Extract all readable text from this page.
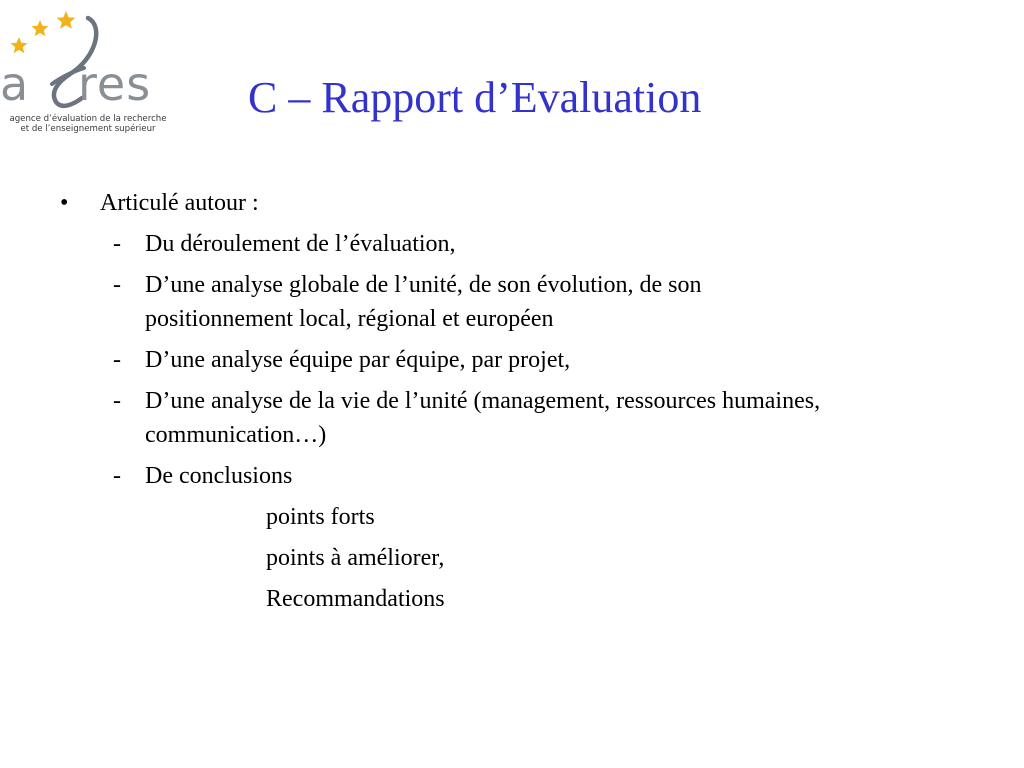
a res
agence d’évaluation de la recherche
et de l’enseignement supérieur
C – Rapport d’Evaluation
• Articulé autour :
- Du déroulement de l’évaluation,
- D’une analyse globale de l’unité, de son évolution, de son
positionnement local, régional et européen
- D’une analyse équipe par équipe, par projet,
- D’une analyse de la vie de l’unité (management, ressources humaines,
communication…)
- De conclusions
points forts
points à améliorer,
Recommandations
